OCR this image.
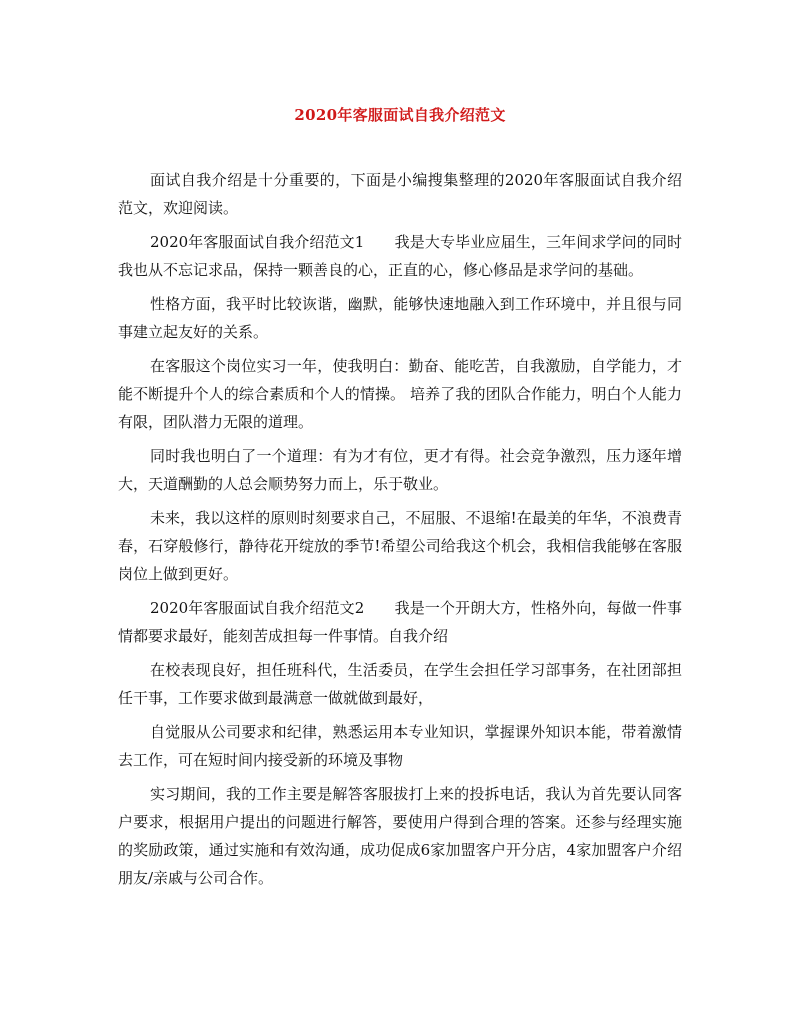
2020年客服面试自我介绍范文

面试自我介绍是十分重要的，下面是小编搜集整理的2020年客服面试自我介绍范文，欢迎阅读。

2020年客服面试自我介绍范文1　　我是大专毕业应届生，三年间求学问的同时我也从不忘记求品，保持一颗善良的心，正直的心，修心修品是求学问的基础。

性格方面，我平时比较诙谐，幽默，能够快速地融入到工作环境中，并且很与同事建立起友好的关系。

在客服这个岗位实习一年，使我明白：勤奋、能吃苦，自我激励，自学能力，才能不断提升个人的综合素质和个人的情操。 培养了我的团队合作能力，明白个人能力有限，团队潜力无限的道理。

同时我也明白了一个道理：有为才有位，更才有得。社会竞争激烈，压力逐年增大，天道酬勤的人总会顺势努力而上，乐于敬业。

未来，我以这样的原则时刻要求自己，不屈服、不退缩!在最美的年华，不浪费青春，石穿般修行，静待花开绽放的季节!希望公司给我这个机会，我相信我能够在客服岗位上做到更好。

2020年客服面试自我介绍范文2　　我是一个开朗大方，性格外向，每做一件事情都要求最好，能刻苦成担每一件事情。自我介绍

在校表现良好，担任班科代，生活委员，在学生会担任学习部事务，在社团部担任干事，工作要求做到最满意一做就做到最好，

自觉服从公司要求和纪律，熟悉运用本专业知识，掌握课外知识本能，带着激情去工作，可在短时间内接受新的环境及事物

实习期间，我的工作主要是解答客服拔打上来的投拆电话，我认为首先要认同客户要求，根据用户提出的问题进行解答，要使用户得到合理的答案。还参与经理实施的奖励政策，通过实施和有效沟通，成功促成6家加盟客户开分店，4家加盟客户介绍朋友/亲戚与公司合作。
